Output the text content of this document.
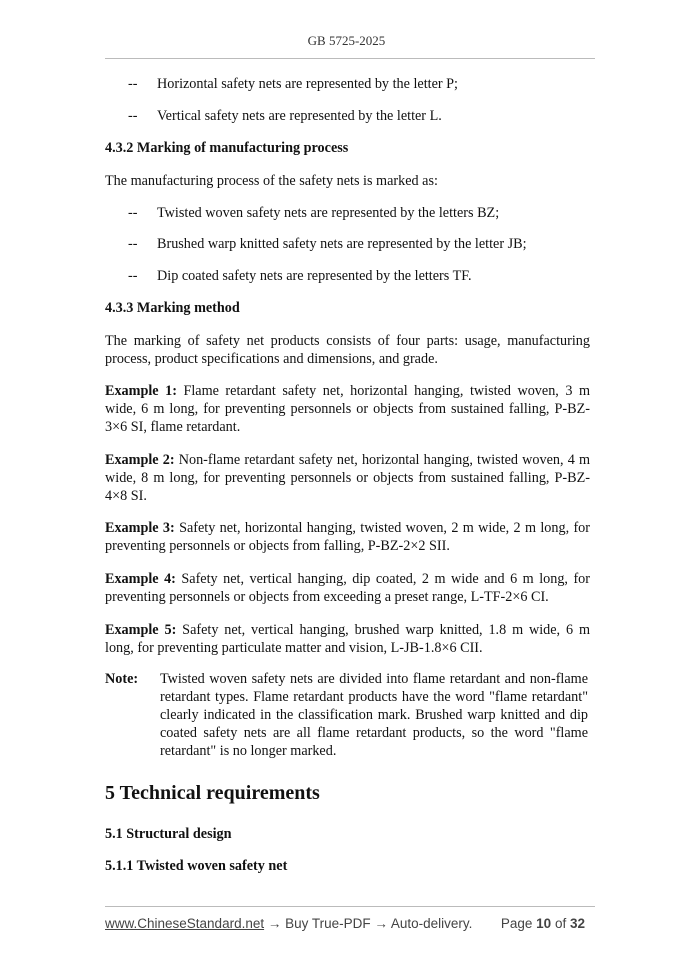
GB 5725-2025
-- Horizontal safety nets are represented by the letter P;
-- Vertical safety nets are represented by the letter L.
4.3.2 Marking of manufacturing process
The manufacturing process of the safety nets is marked as:
-- Twisted woven safety nets are represented by the letters BZ;
-- Brushed warp knitted safety nets are represented by the letter JB;
-- Dip coated safety nets are represented by the letters TF.
4.3.3 Marking method
The marking of safety net products consists of four parts: usage, manufacturing process, product specifications and dimensions, and grade.
Example 1: Flame retardant safety net, horizontal hanging, twisted woven, 3 m wide, 6 m long, for preventing personnels or objects from sustained falling, P-BZ-3×6 SI, flame retardant.
Example 2: Non-flame retardant safety net, horizontal hanging, twisted woven, 4 m wide, 8 m long, for preventing personnels or objects from sustained falling, P-BZ-4×8 SI.
Example 3: Safety net, horizontal hanging, twisted woven, 2 m wide, 2 m long, for preventing personnels or objects from falling, P-BZ-2×2 SII.
Example 4: Safety net, vertical hanging, dip coated, 2 m wide and 6 m long, for preventing personnels or objects from exceeding a preset range, L-TF-2×6 CI.
Example 5: Safety net, vertical hanging, brushed warp knitted, 1.8 m wide, 6 m long, for preventing particulate matter and vision, L-JB-1.8×6 CII.
Note: Twisted woven safety nets are divided into flame retardant and non-flame retardant types. Flame retardant products have the word "flame retardant" clearly indicated in the classification mark. Brushed warp knitted and dip coated safety nets are all flame retardant products, so the word "flame retardant" is no longer marked.
5 Technical requirements
5.1 Structural design
5.1.1 Twisted woven safety net
www.ChineseStandard.net → Buy True-PDF → Auto-delivery. Page 10 of 32
